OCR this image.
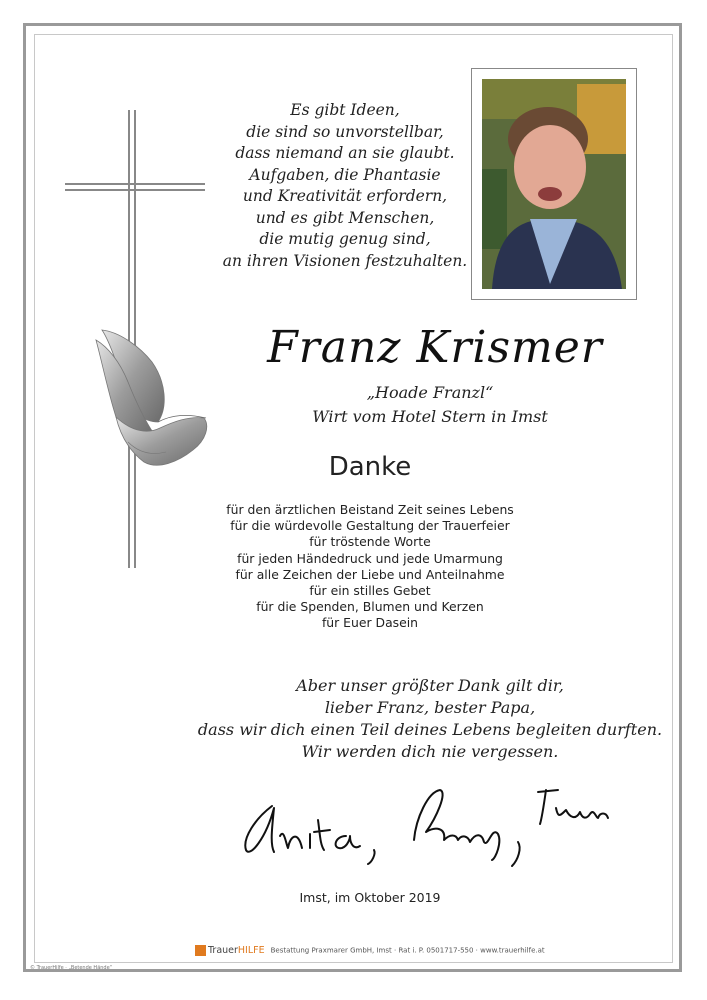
Es gibt Ideen,
die sind so unvorstellbar,
dass niemand an sie glaubt.
Aufgaben, die Phantasie
und Kreativität erfordern,
und es gibt Menschen,
die mutig genug sind,
an ihren Visionen festzuhalten.
Franz Krismer
„Hoade Franzl“
Wirt vom Hotel Stern in Imst
Danke
für den ärztlichen Beistand Zeit seines Lebens
für die würdevolle Gestaltung der Trauerfeier
für tröstende Worte
für jeden Händedruck und jede Umarmung
für alle Zeichen der Liebe und Anteilnahme
für ein stilles Gebet
für die Spenden, Blumen und Kerzen
für Euer Dasein
Aber unser größter Dank gilt dir,
lieber Franz, bester Papa,
dass wir dich einen Teil deines Lebens begleiten durften.
Wir werden dich nie vergessen.
Imst, im Oktober 2019
TrauerHILFE Bestattung Praxmarer GmbH, Imst · Rat i. P. 0501717-550 · www.trauerhilfe.at
© TrauerHilfe · „Betende Hände“
